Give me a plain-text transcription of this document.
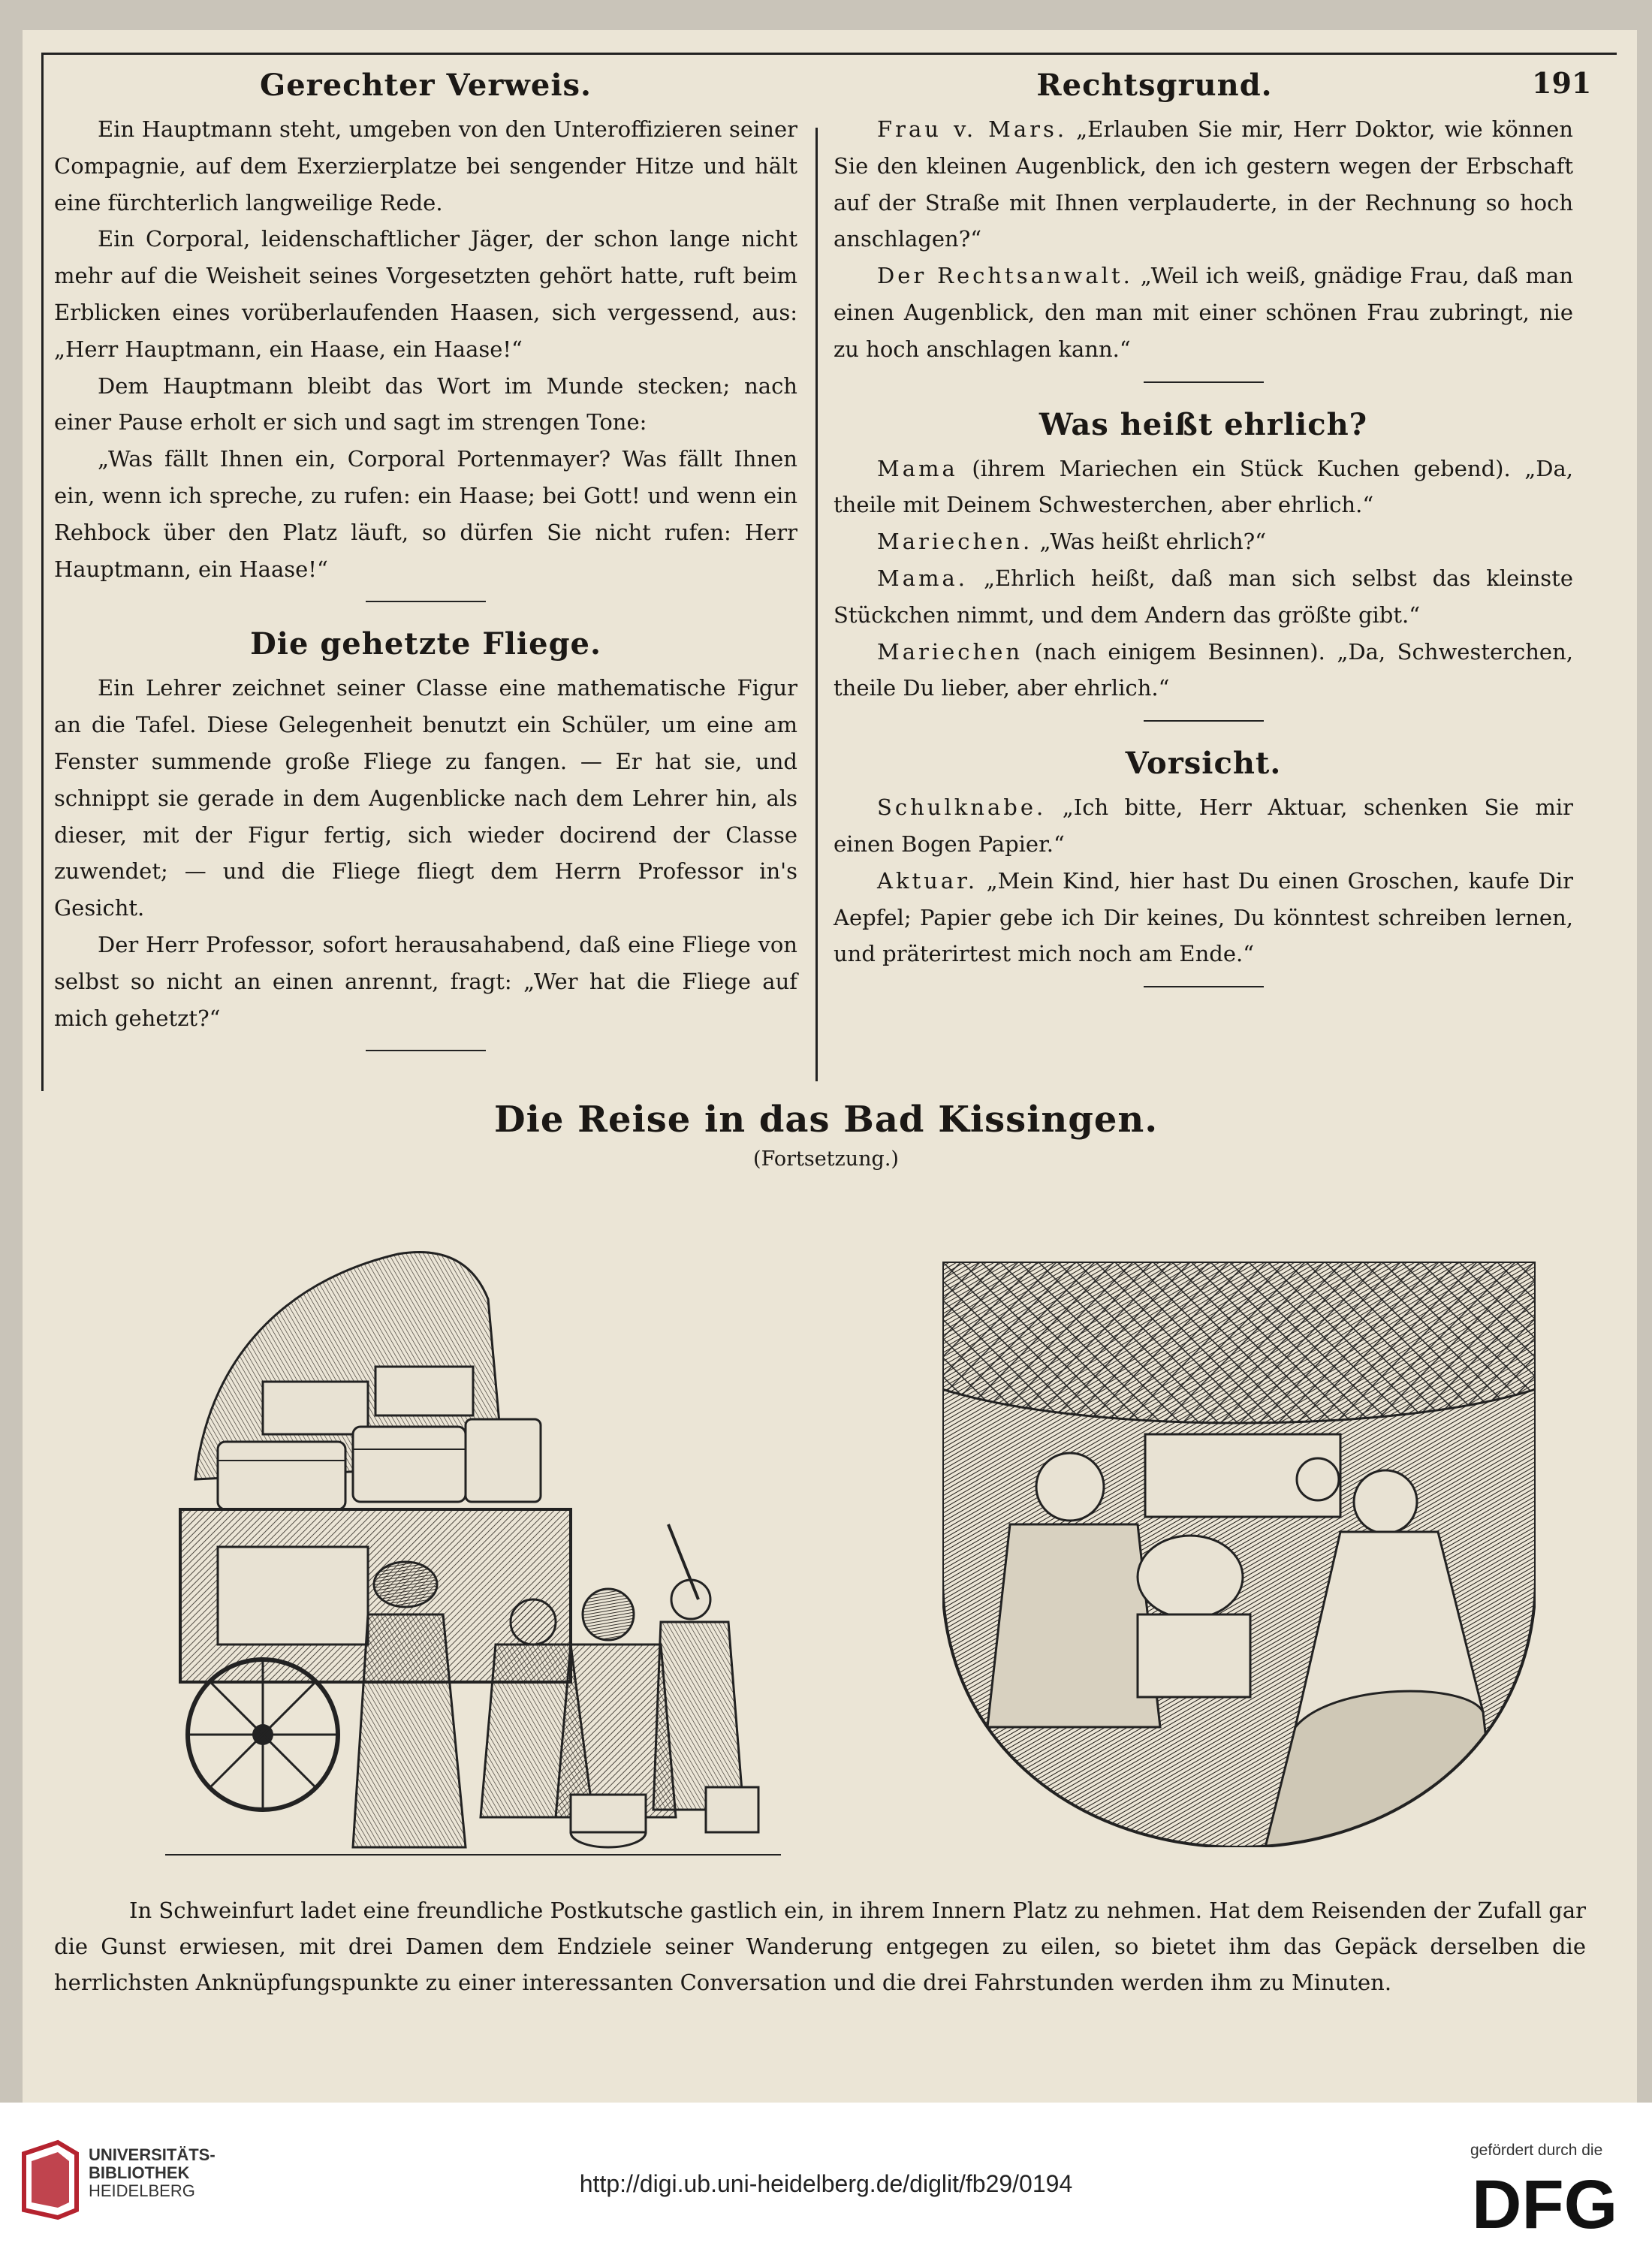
191
Gerechter Verweis.

Ein Hauptmann steht, umgeben von den Unteroffizieren seiner Compagnie, auf dem Exerzierplatze bei sengender Hitze und hält eine fürchterlich langweilige Rede.

Ein Corporal, leidenschaftlicher Jäger, der schon lange nicht mehr auf die Weisheit seines Vorgesetzten gehört hatte, ruft beim Erblicken eines vorüberlaufenden Haasen, sich vergessend, aus: „Herr Hauptmann, ein Haase, ein Haase!“

Dem Hauptmann bleibt das Wort im Munde stecken; nach einer Pause erholt er sich und sagt im strengen Tone:

„Was fällt Ihnen ein, Corporal Portenmayer? Was fällt Ihnen ein, wenn ich spreche, zu rufen: ein Haase; bei Gott! und wenn ein Rehbock über den Platz läuft, so dürfen Sie nicht rufen: Herr Hauptmann, ein Haase!“

Die gehetzte Fliege.

Ein Lehrer zeichnet seiner Classe eine mathematische Figur an die Tafel. Diese Gelegenheit benutzt ein Schüler, um eine am Fenster summende große Fliege zu fangen. — Er hat sie, und schnippt sie gerade in dem Augenblicke nach dem Lehrer hin, als dieser, mit der Figur fertig, sich wieder docirend der Classe zuwendet; — und die Fliege fliegt dem Herrn Professor in's Gesicht.

Der Herr Professor, sofort herausahabend, daß eine Fliege von selbst so nicht an einen anrennt, fragt: „Wer hat die Fliege auf mich gehetzt?“

Rechtsgrund.

Frau v. Mars. „Erlauben Sie mir, Herr Doktor, wie können Sie den kleinen Augenblick, den ich gestern wegen der Erbschaft auf der Straße mit Ihnen verplauderte, in der Rechnung so hoch anschlagen?“

Der Rechtsanwalt. „Weil ich weiß, gnädige Frau, daß man einen Augenblick, den man mit einer schönen Frau zubringt, nie zu hoch anschlagen kann.“

Was heißt ehrlich?

Mama (ihrem Mariechen ein Stück Kuchen gebend). „Da, theile mit Deinem Schwesterchen, aber ehrlich.“

Mariechen. „Was heißt ehrlich?“

Mama. „Ehrlich heißt, daß man sich selbst das kleinste Stückchen nimmt, und dem Andern das größte gibt.“

Mariechen (nach einigem Besinnen). „Da, Schwesterchen, theile Du lieber, aber ehrlich.“

Vorsicht.

Schulknabe. „Ich bitte, Herr Aktuar, schenken Sie mir einen Bogen Papier.“

Aktuar. „Mein Kind, hier hast Du einen Groschen, kaufe Dir Aepfel; Papier gebe ich Dir keines, Du könntest schreiben lernen, und präterirtest mich noch am Ende.“

Die Reise in das Bad Kissingen.
(Fortsetzung.)

In Schweinfurt ladet eine freundliche Postkutsche gastlich ein, in ihrem Innern Platz zu nehmen. Hat dem Reisenden der Zufall gar die Gunst erwiesen, mit drei Damen dem Endziele seiner Wanderung entgegen zu eilen, so bietet ihm das Gepäck derselben die herrlichsten Anknüpfungspunkte zu einer interessanten Conversation und die drei Fahrstunden werden ihm zu Minuten.

UNIVERSITÄTS-
BIBLIOTHEK
HEIDELBERG	http://digi.ub.uni-heidelberg.de/diglit/fb29/0194
gefördert durch die
DFG
